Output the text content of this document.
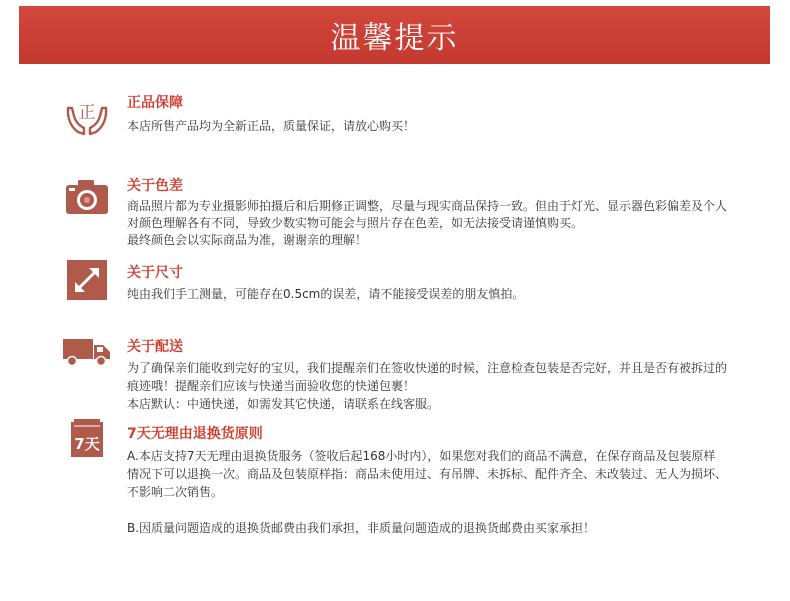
温馨提示
正 正品保障
本店所售产品均为全新正品，质量保证，请放心购买！
关于色差
商品照片都为专业摄影师拍摄后和后期修正调整，尽量与现实商品保持一致。但由于灯光、显示器色彩偏差及个人
对颜色理解各有不同，导致少数实物可能会与照片存在色差，如无法接受请谨慎购买。
最终颜色会以实际商品为准，谢谢亲的理解！
关于尺寸
纯由我们手工测量，可能存在0.5cm的误差，请不能接受误差的朋友慎拍。
关于配送
为了确保亲们能收到完好的宝贝，我们提醒亲们在签收快递的时候，注意检查包装是否完好，并且是否有被拆过的
痕迹哦！提醒亲们应该与快递当面验收您的快递包裹！
本店默认：中通快递，如需发其它快递，请联系在线客服。
7天
7天无理由退换货原则
A.本店支持7天无理由退换货服务（签收后起168小时内），如果您对我们的商品不满意，在保存商品及包装原样
情况下可以退换一次。商品及包装原样指：商品未使用过、有吊牌、未拆标、配件齐全、未改装过、无人为损坏、
不影响二次销售。
B.因质量问题造成的退换货邮费由我们承担，非质量问题造成的退换货邮费由买家承担！
